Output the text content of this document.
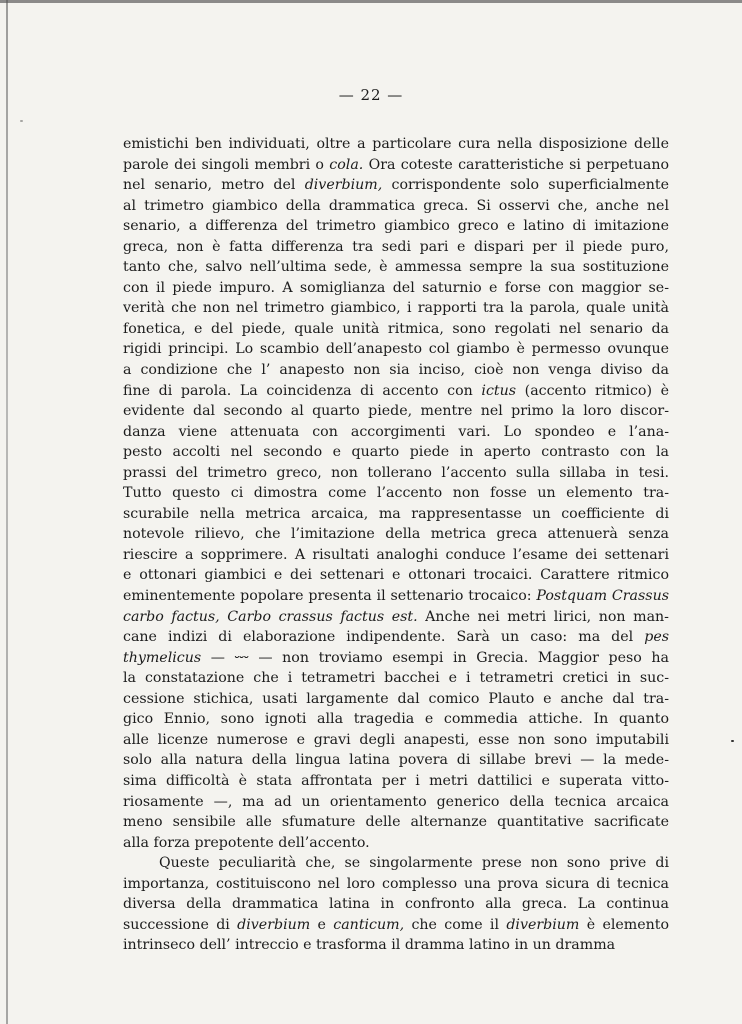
— 22 —
emistichi ben individuati, oltre a particolare cura nella disposizione delle
parole dei singoli membri o cola. Ora coteste caratteristiche si perpetuano
nel senario, metro del diverbium, corrispondente solo superficialmente
al trimetro giambico della drammatica greca. Si osservi che, anche nel
senario, a differenza del trimetro giambico greco e latino di imitazione
greca, non è fatta differenza tra sedi pari e dispari per il piede puro,
tanto che, salvo nell’ultima sede, è ammessa sempre la sua sostituzione
con il piede impuro. A somiglianza del saturnio e forse con maggior se-
verità che non nel trimetro giambico, i rapporti tra la parola, quale unità
fonetica, e del piede, quale unità ritmica, sono regolati nel senario da
rigidi principi. Lo scambio dell’anapesto col giambo è permesso ovunque
a condizione che l’ anapesto non sia inciso, cioè non venga diviso da
fine di parola. La coincidenza di accento con ictus (accento ritmico) è
evidente dal secondo al quarto piede, mentre nel primo la loro discor-
danza viene attenuata con accorgimenti vari. Lo spondeo e l’ana-
pesto accolti nel secondo e quarto piede in aperto contrasto con la
prassi del trimetro greco, non tollerano l’accento sulla sillaba in tesi.
Tutto questo ci dimostra come l’accento non fosse un elemento tra-
scurabile nella metrica arcaica, ma rappresentasse un coefficiente di
notevole rilievo, che l’imitazione della metrica greca attenuerà senza
riescire a sopprimere. A risultati analoghi conduce l’esame dei settenari
e ottonari giambici e dei settenari e ottonari trocaici. Carattere ritmico
eminentemente popolare presenta il settenario trocaico: Postquam Crassus
carbo factus, Carbo crassus factus est. Anche nei metri lirici, non man-
cane indizi di elaborazione indipendente. Sarà un caso: ma del pes
thymelicus — ⏑⏑⏑ — non troviamo esempi in Grecia. Maggior peso ha
la constatazione che i tetrametri bacchei e i tetrametri cretici in suc-
cessione stichica, usati largamente dal comico Plauto e anche dal tra-
gico Ennio, sono ignoti alla tragedia e commedia attiche. In quanto
alle licenze numerose e gravi degli anapesti, esse non sono imputabili
solo alla natura della lingua latina povera di sillabe brevi — la mede-
sima difficoltà è stata affrontata per i metri dattilici e superata vitto-
riosamente —, ma ad un orientamento generico della tecnica arcaica
meno sensibile alle sfumature delle alternanze quantitative sacrificate
alla forza prepotente dell’accento.
Queste peculiarità che, se singolarmente prese non sono prive di
importanza, costituiscono nel loro complesso una prova sicura di tecnica
diversa della drammatica latina in confronto alla greca. La continua
successione di diverbium e canticum, che come il diverbium è elemento
intrinseco dell’ intreccio e trasforma il dramma latino in un dramma
